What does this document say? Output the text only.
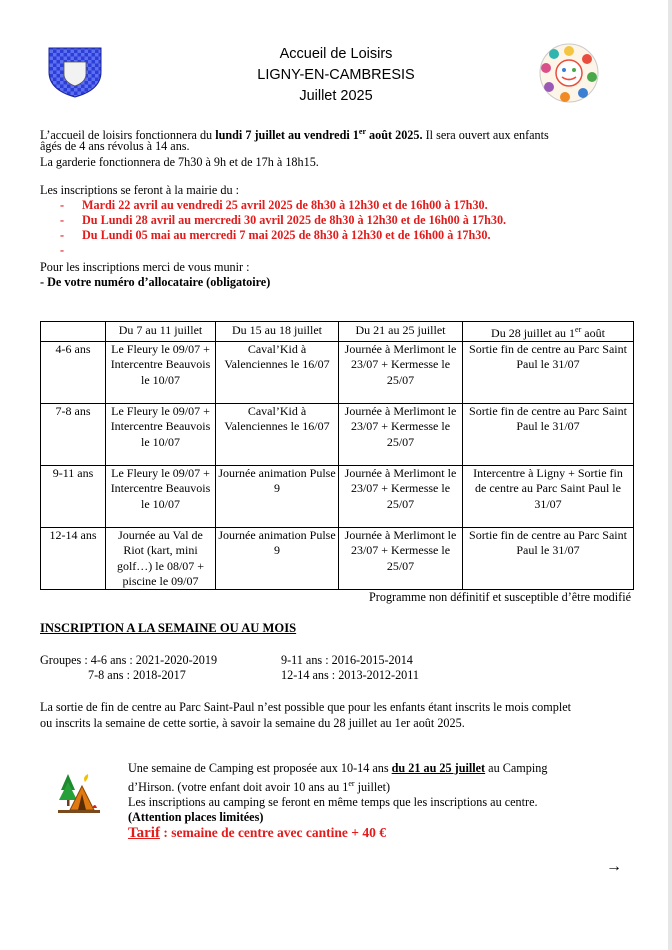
Accueil de Loisirs
LIGNY-EN-CAMBRESIS
Juillet 2025
L’accueil de loisirs fonctionnera du lundi 7 juillet au vendredi 1er août 2025. Il sera ouvert aux enfants
âgés de 4 ans révolus à 14 ans.
La garderie fonctionnera de 7h30 à 9h et de 17h à 18h15.
Les inscriptions se feront à la mairie du :
- Mardi 22 avril au vendredi 25 avril 2025 de 8h30 à 12h30 et de 16h00 à 17h30.
- Du Lundi 28 avril au mercredi 30 avril 2025 de 8h30 à 12h30 et de 16h00 à 17h30.
- Du Lundi 05 mai au mercredi 7 mai 2025 de 8h30 à 12h30 et de 16h00 à 17h30.
-
Pour les inscriptions merci de vous munir :
- De votre numéro d’allocataire (obligatoire)
	Du 7 au 11 juillet	Du 15 au 18 juillet	Du 21 au 25 juillet	Du 28 juillet au 1er août
4-6 ans	Le Fleury le 09/07 + Intercentre Beauvois le 10/07	Caval’Kid à Valenciennes le 16/07	Journée à Merlimont le 23/07 + Kermesse le 25/07	Sortie fin de centre au Parc Saint Paul le 31/07
7-8 ans	Le Fleury le 09/07 + Intercentre Beauvois le 10/07	Caval’Kid à Valenciennes le 16/07	Journée à Merlimont le 23/07 + Kermesse le 25/07	Sortie fin de centre au Parc Saint Paul le 31/07
9-11 ans	Le Fleury le 09/07 + Intercentre Beauvois le 10/07	Journée animation Pulse 9	Journée à Merlimont le 23/07 + Kermesse le 25/07	Intercentre à Ligny + Sortie fin de centre au Parc Saint Paul le 31/07
12-14 ans	Journée au Val de Riot (kart, mini golf…) le 08/07 + piscine le 09/07	Journée animation Pulse 9	Journée à Merlimont le 23/07 + Kermesse le 25/07	Sortie fin de centre au Parc Saint Paul le 31/07
Programme non définitif et susceptible d’être modifié
INSCRIPTION A LA SEMAINE OU AU MOIS
Groupes : 4-6 ans : 2021-2020-2019
7-8 ans : 2018-2017
9-11 ans : 2016-2015-2014
12-14 ans : 2013-2012-2011
La sortie de fin de centre au Parc Saint-Paul n’est possible que pour les enfants étant inscrits le mois complet
ou inscrits la semaine de cette sortie, à savoir la semaine du 28 juillet au 1er août 2025.
Une semaine de Camping est proposée aux 10-14 ans du 21 au 25 juillet au Camping
d’Hirson. (votre enfant doit avoir 10 ans au 1er juillet)
Les inscriptions au camping se feront en même temps que les inscriptions au centre.
(Attention places limitées)
Tarif : semaine de centre avec cantine + 40 €
→
